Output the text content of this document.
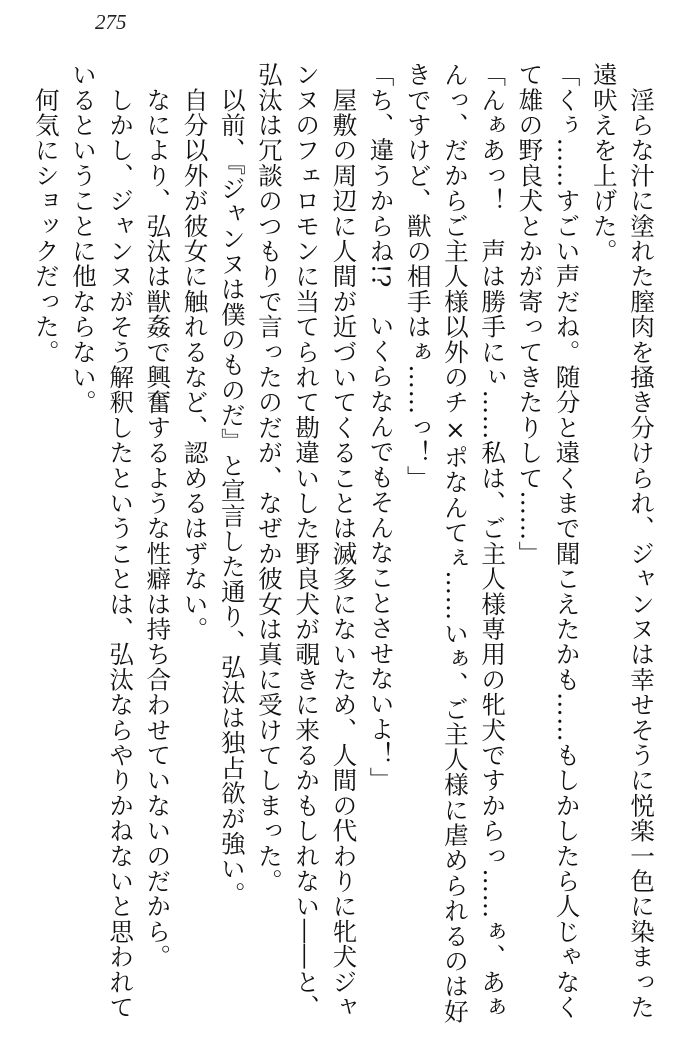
275
　淫らな汁に塗れた膣肉を掻き分けられ、ジャンヌは幸せそうに悦楽一色に染まった
遠吠えを上げた。
「くぅ……すごい声だね。随分と遠くまで聞こえたかも……もしかしたら人じゃなく
て雄の野良犬とかが寄ってきたりして……」
「んぁあっ！　声は勝手にぃ……私は、ご主人様専用の牝犬ですからっ……ぁ、あぁ
んっ、だからご主人様以外のチ×ポなんてぇ……いぁ、ご主人様に虐められるのは好
きですけど、獣の相手はぁ……っ！」
「ち、違うからね!?　いくらなんでもそんなことさせないよ！」
　屋敷の周辺に人間が近づいてくることは滅多にないため、人間の代わりに牝犬ジャ
ンヌのフェロモンに当てられて勘違いした野良犬が覗きに来るかもしれない――と、
弘汰は冗談のつもりで言ったのだが、なぜか彼女は真に受けてしまった。
　以前、『ジャンヌは僕のものだ』と宣言した通り、弘汰は独占欲が強い。
　自分以外が彼女に触れるなど、認めるはずない。
　なにより、弘汰は獣姦で興奮するような性癖は持ち合わせていないのだから。
　しかし、ジャンヌがそう解釈したということは、弘汰ならやりかねないと思われて
いるということに他ならない。
　何気にショックだった。
